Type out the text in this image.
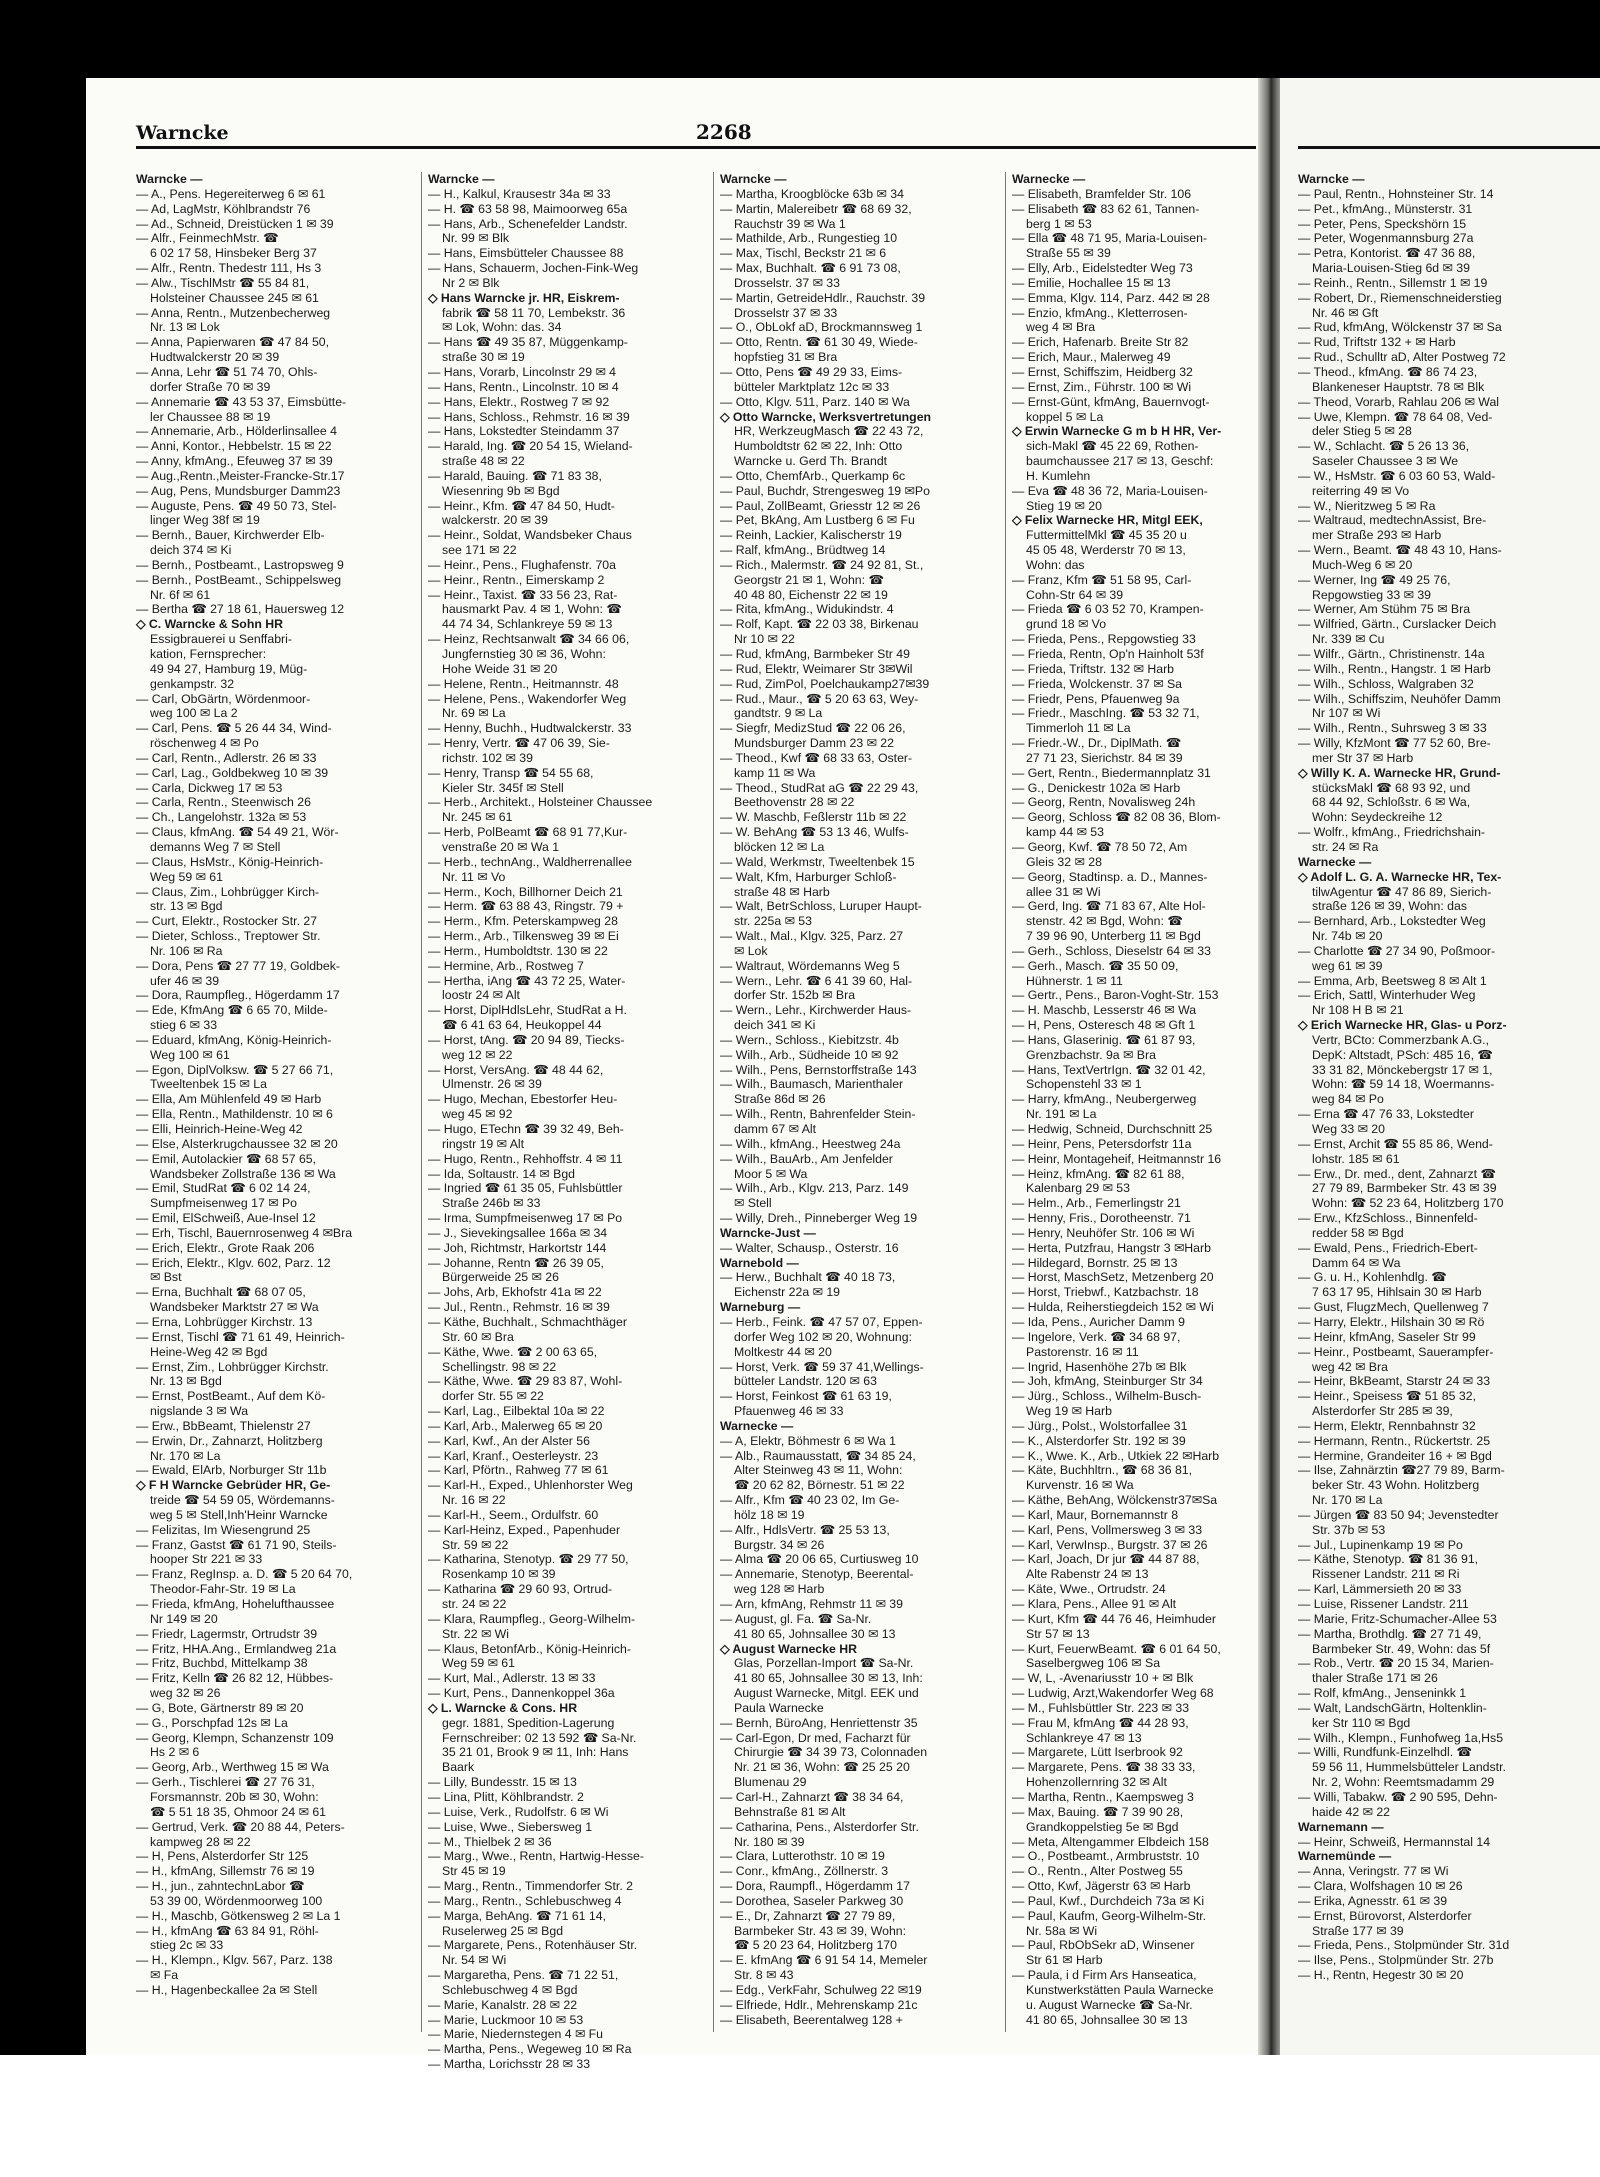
Warncke	2268
Warncke —
— A., Pens. Hegereiterweg 6 ✉ 61
— Ad, LagMstr, Köhlbrandstr 76
— Ad., Schneid, Dreistücken 1 ✉ 39
— Alfr., FeinmechMstr. ☎
6 02 17 58, Hinsbeker Berg 37
— Alfr., Rentn. Thedestr 111, Hs 3
— Alw., TischlMstr ☎ 55 84 81,
Holsteiner Chaussee 245 ✉ 61
— Anna, Rentn., Mutzenbecherweg
Nr. 13 ✉ Lok
— Anna, Papierwaren ☎ 47 84 50,
Hudtwalckerstr 20 ✉ 39
— Anna, Lehr ☎ 51 74 70, Ohls-
dorfer Straße 70 ✉ 39
— Annemarie ☎ 43 53 37, Eimsbütte-
ler Chaussee 88 ✉ 19
— Annemarie, Arb., Hölderlinsallee 4
— Anni, Kontor., Hebbelstr. 15 ✉ 22
— Anny, kfmAng., Efeuweg 37 ✉ 39
— Aug.,Rentn.,Meister-Francke-Str.17
— Aug, Pens, Mundsburger Damm23
— Auguste, Pens. ☎ 49 50 73, Stel-
linger Weg 38f ✉ 19
— Bernh., Bauer, Kirchwerder Elb-
deich 374 ✉ Ki
— Bernh., Postbeamt., Lastropsweg 9
— Bernh., PostBeamt., Schippelsweg
Nr. 6f ✉ 61
— Bertha ☎ 27 18 61, Hauersweg 12
◇ C. Warncke & Sohn HR
Essigbrauerei u Senffabri-
kation, Fernsprecher:
49 94 27, Hamburg 19, Müg-
genkampstr. 32
— Carl, ObGärtn, Wördenmoor-
weg 100 ✉ La 2
— Carl, Pens. ☎ 5 26 44 34, Wind-
röschenweg 4 ✉ Po
— Carl, Rentn., Adlerstr. 26 ✉ 33
— Carl, Lag., Goldbekweg 10 ✉ 39
— Carla, Dickweg 17 ✉ 53
— Carla, Rentn., Steenwisch 26
— Ch., Langelohstr. 132a ✉ 53
— Claus, kfmAng. ☎ 54 49 21, Wör-
demanns Weg 7 ✉ Stell
— Claus, HsMstr., König-Heinrich-
Weg 59 ✉ 61
— Claus, Zim., Lohbrügger Kirch-
str. 13 ✉ Bgd
— Curt, Elektr., Rostocker Str. 27
— Dieter, Schloss., Treptower Str.
Nr. 106 ✉ Ra
— Dora, Pens ☎ 27 77 19, Goldbek-
ufer 46 ✉ 39
— Dora, Raumpfleg., Högerdamm 17
— Ede, KfmAng ☎ 6 65 70, Milde-
stieg 6 ✉ 33
— Eduard, kfmAng, König-Heinrich-
Weg 100 ✉ 61
— Egon, DiplVolksw. ☎ 5 27 66 71,
Tweeltenbek 15 ✉ La
— Ella, Am Mühlenfeld 49 ✉ Harb
— Ella, Rentn., Mathildenstr. 10 ✉ 6
— Elli, Heinrich-Heine-Weg 42
— Else, Alsterkrugchaussee 32 ✉ 20
— Emil, Autolackier ☎ 68 57 65,
Wandsbeker Zollstraße 136 ✉ Wa
— Emil, StudRat ☎ 6 02 14 24,
Sumpfmeisenweg 17 ✉ Po
— Emil, ElSchweiß, Aue-Insel 12
— Erh, Tischl, Bauernrosenweg 4 ✉Bra
— Erich, Elektr., Grote Raak 206
— Erich, Elektr., Klgv. 602, Parz. 12
✉ Bst
— Erna, Buchhalt ☎ 68 07 05,
Wandsbeker Marktstr 27 ✉ Wa
— Erna, Lohbrügger Kirchstr. 13
— Ernst, Tischl ☎ 71 61 49, Heinrich-
Heine-Weg 42 ✉ Bgd
— Ernst, Zim., Lohbrügger Kirchstr.
Nr. 13 ✉ Bgd
— Ernst, PostBeamt., Auf dem Kö-
nigslande 3 ✉ Wa
— Erw., BbBeamt, Thielenstr 27
— Erwin, Dr., Zahnarzt, Holitzberg
Nr. 170 ✉ La
— Ewald, ElArb, Norburger Str 11b
◇ F H Warncke Gebrüder HR, Ge-
treide ☎ 54 59 05, Wördemanns-
weg 5 ✉ Stell,Inh'Heinr Warncke
— Felizitas, Im Wiesengrund 25
— Franz, Gastst ☎ 61 71 90, Steils-
hooper Str 221 ✉ 33
— Franz, RegInsp. a. D. ☎ 5 20 64 70,
Theodor-Fahr-Str. 19 ✉ La
— Frieda, kfmAng, Hohelufthaussee
Nr 149 ✉ 20
— Friedr, Lagermstr, Ortrudstr 39
— Fritz, HHA.Ang., Ermlandweg 21a
— Fritz, Buchbd, Mittelkamp 38
— Fritz, Kelln ☎ 26 82 12, Hübbes-
weg 32 ✉ 26
— G, Bote, Gärtnerstr 89 ✉ 20
— G., Porschpfad 12s ✉ La
— Georg, Klempn, Schanzenstr 109
Hs 2 ✉ 6
— Georg, Arb., Werthweg 15 ✉ Wa
— Gerh., Tischlerei ☎ 27 76 31,
Forsmannstr. 20b ✉ 30, Wohn:
☎ 5 51 18 35, Ohmoor 24 ✉ 61
— Gertrud, Verk. ☎ 20 88 44, Peters-
kampweg 28 ✉ 22
— H, Pens, Alsterdorfer Str 125
— H., kfmAng, Sillemstr 76 ✉ 19
— H., jun., zahntechnLabor ☎
53 39 00, Wördenmoorweg 100
— H., Maschb, Götkensweg 2 ✉ La 1
— H., kfmAng ☎ 63 84 91, Röhl-
stieg 2c ✉ 33
— H., Klempn., Klgv. 567, Parz. 138
✉ Fa
— H., Hagenbeckallee 2a ✉ Stell
Warncke —
— H., Kalkul, Krausestr 34a ✉ 33
— H. ☎ 63 58 98, Maimoorweg 65a
— Hans, Arb., Schenefelder Landstr.
Nr. 99 ✉ Blk
— Hans, Eimsbütteler Chaussee 88
— Hans, Schauerm, Jochen-Fink-Weg
Nr 2 ✉ Blk
◇ Hans Warncke jr. HR, Eiskrem-
fabrik ☎ 58 11 70, Lembekstr. 36
✉ Lok, Wohn: das. 34
— Hans ☎ 49 35 87, Müggenkamp-
straße 30 ✉ 19
— Hans, Vorarb, Lincolnstr 29 ✉ 4
— Hans, Rentn., Lincolnstr. 10 ✉ 4
— Hans, Elektr., Rostweg 7 ✉ 92
— Hans, Schloss., Rehmstr. 16 ✉ 39
— Hans, Lokstedter Steindamm 37
— Harald, Ing. ☎ 20 54 15, Wieland-
straße 48 ✉ 22
— Harald, Bauing. ☎ 71 83 38,
Wiesenring 9b ✉ Bgd
— Heinr., Kfm. ☎ 47 84 50, Hudt-
walckerstr. 20 ✉ 39
— Heinr., Soldat, Wandsbeker Chaus
see 171 ✉ 22
— Heinr., Pens., Flughafenstr. 70a
— Heinr., Rentn., Eimerskamp 2
— Heinr., Taxist. ☎ 33 56 23, Rat-
hausmarkt Pav. 4 ✉ 1, Wohn: ☎
44 74 34, Schlankreye 59 ✉ 13
— Heinz, Rechtsanwalt ☎ 34 66 06,
Jungfernstieg 30 ✉ 36, Wohn:
Hohe Weide 31 ✉ 20
— Helene, Rentn., Heitmannstr. 48
— Helene, Pens., Wakendorfer Weg
Nr. 69 ✉ La
— Henny, Buchh., Hudtwalckerstr. 33
— Henry, Vertr. ☎ 47 06 39, Sie-
richstr. 102 ✉ 39
— Henry, Transp ☎ 54 55 68,
Kieler Str. 345f ✉ Stell
— Herb., Architekt., Holsteiner Chaussee
Nr. 245 ✉ 61
— Herb, PolBeamt ☎ 68 91 77,Kur-
venstraße 20 ✉ Wa 1
— Herb., technAng., Waldherrenallee
Nr. 11 ✉ Vo
— Herm., Koch, Billhorner Deich 21
— Herm. ☎ 63 88 43, Ringstr. 79 +
— Herm., Kfm. Peterskampweg 28
— Herm., Arb., Tilkensweg 39 ✉ Ei
— Herm., Humboldtstr. 130 ✉ 22
— Hermine, Arb., Rostweg 7
— Hertha, iAng ☎ 43 72 25, Water-
loostr 24 ✉ Alt
— Horst, DiplHdlsLehr, StudRat a H.
☎ 6 41 63 64, Heukoppel 44
— Horst, tAng. ☎ 20 94 89, Tiecks-
weg 12 ✉ 22
— Horst, VersAng. ☎ 48 44 62,
Ulmenstr. 26 ✉ 39
— Hugo, Mechan, Ebestorfer Heu-
weg 45 ✉ 92
— Hugo, ETechn ☎ 39 32 49, Beh-
ringstr 19 ✉ Alt
— Hugo, Rentn., Rehhoffstr. 4 ✉ 11
— Ida, Soltaustr. 14 ✉ Bgd
— Ingried ☎ 61 35 05, Fuhlsbüttler
Straße 246b ✉ 33
— Irma, Sumpfmeisenweg 17 ✉ Po
— J., Sievekingsallee 166a ✉ 34
— Joh, Richtmstr, Harkortstr 144
— Johanne, Rentn ☎ 26 39 05,
Bürgerweide 25 ✉ 26
— Johs, Arb, Ekhofstr 41a ✉ 22
— Jul., Rentn., Rehmstr. 16 ✉ 39
— Käthe, Buchhalt., Schmachthäger
Str. 60 ✉ Bra
— Käthe, Wwe. ☎ 2 00 63 65,
Schellingstr. 98 ✉ 22
— Käthe, Wwe. ☎ 29 83 87, Wohl-
dorfer Str. 55 ✉ 22
— Karl, Lag., Eilbektal 10a ✉ 22
— Karl, Arb., Malerweg 65 ✉ 20
— Karl, Kwf., An der Alster 56
— Karl, Kranf., Oesterleystr. 23
— Karl, Pförtn., Rahweg 77 ✉ 61
— Karl-H., Exped., Uhlenhorster Weg
Nr. 16 ✉ 22
— Karl-H., Seem., Ordulfstr. 60
— Karl-Heinz, Exped., Papenhuder
Str. 59 ✉ 22
— Katharina, Stenotyp. ☎ 29 77 50,
Rosenkamp 10 ✉ 39
— Katharina ☎ 29 60 93, Ortrud-
str. 24 ✉ 22
— Klara, Raumpfleg., Georg-Wilhelm-
Str. 22 ✉ Wi
— Klaus, BetonfArb., König-Heinrich-
Weg 59 ✉ 61
— Kurt, Mal., Adlerstr. 13 ✉ 33
— Kurt, Pens., Dannenkoppel 36a
◇ L. Warncke & Cons. HR
gegr. 1881, Spedition-Lagerung
Fernschreiber: 02 13 592 ☎ Sa-Nr.
35 21 01, Brook 9 ✉ 11, Inh: Hans
Baark
— Lilly, Bundesstr. 15 ✉ 13
— Lina, Plitt, Köhlbrandstr. 2
— Luise, Verk., Rudolfstr. 6 ✉ Wi
— Luise, Wwe., Siebersweg 1
— M., Thielbek 2 ✉ 36
— Marg., Wwe., Rentn, Hartwig-Hesse-
Str 45 ✉ 19
— Marg., Rentn., Timmendorfer Str. 2
— Marg., Rentn., Schlebuschweg 4
— Marga, BehAng. ☎ 71 61 14,
Ruselerweg 25 ✉ Bgd
— Margarete, Pens., Rotenhäuser Str.
Nr. 54 ✉ Wi
— Margaretha, Pens. ☎ 71 22 51,
Schlebuschweg 4 ✉ Bgd
— Marie, Kanalstr. 28 ✉ 22
— Marie, Luckmoor 10 ✉ 53
— Marie, Niedernstegen 4 ✉ Fu
— Martha, Pens., Wegeweg 10 ✉ Ra
— Martha, Lorichsstr 28 ✉ 33
Warncke —
— Martha, Kroogblöcke 63b ✉ 34
— Martin, Malereibetr ☎ 68 69 32,
Rauchstr 39 ✉ Wa 1
— Mathilde, Arb., Rungestieg 10
— Max, Tischl, Beckstr 21 ✉ 6
— Max, Buchhalt. ☎ 6 91 73 08,
Drosselstr. 37 ✉ 33
— Martin, GetreideHdlr., Rauchstr. 39
Drosselstr 37 ✉ 33
— O., ObLokf aD, Brockmannsweg 1
— Otto, Rentn. ☎ 61 30 49, Wiede-
hopfstieg 31 ✉ Bra
— Otto, Pens ☎ 49 29 33, Eims-
bütteler Marktplatz 12c ✉ 33
— Otto, Klgv. 511, Parz. 140 ✉ Wa
◇ Otto Warncke, Werksvertretungen
HR, WerkzeugMasch ☎ 22 43 72,
Humboldtstr 62 ✉ 22, Inh: Otto
Warncke u. Gerd Th. Brandt
— Otto, ChemfArb., Querkamp 6c
— Paul, Buchdr, Strengesweg 19 ✉Po
— Paul, ZollBeamt, Griesstr 12 ✉ 26
— Pet, BkAng, Am Lustberg 6 ✉ Fu
— Reinh, Lackier, Kalischerstr 19
— Ralf, kfmAng., Brüdtweg 14
— Rich., Malermstr. ☎ 24 92 81, St.,
Georgstr 21 ✉ 1, Wohn: ☎
40 48 80, Eichenstr 22 ✉ 19
— Rita, kfmAng., Widukindstr. 4
— Rolf, Kapt. ☎ 22 03 38, Birkenau
Nr 10 ✉ 22
— Rud, kfmAng, Barmbeker Str 49
— Rud, Elektr, Weimarer Str 3✉Wil
— Rud, ZimPol, Poelchaukamp27✉39
— Rud., Maur., ☎ 5 20 63 63, Wey-
gandtstr. 9 ✉ La
— Siegfr, MedizStud ☎ 22 06 26,
Mundsburger Damm 23 ✉ 22
— Theod., Kwf ☎ 68 33 63, Oster-
kamp 11 ✉ Wa
— Theod., StudRat aG ☎ 22 29 43,
Beethovenstr 28 ✉ 22
— W. Maschb, Feßlerstr 11b ✉ 22
— W. BehAng ☎ 53 13 46, Wulfs-
blöcken 12 ✉ La
— Wald, Werkmstr, Tweeltenbek 15
— Walt, Kfm, Harburger Schloß-
straße 48 ✉ Harb
— Walt, BetrSchloss, Luruper Haupt-
str. 225a ✉ 53
— Walt., Mal., Klgv. 325, Parz. 27
✉ Lok
— Waltraut, Wördemanns Weg 5
— Wern., Lehr. ☎ 6 41 39 60, Hal-
dorfer Str. 152b ✉ Bra
— Wern., Lehr., Kirchwerder Haus-
deich 341 ✉ Ki
— Wern., Schloss., Kiebitzstr. 4b
— Wilh., Arb., Südheide 10 ✉ 92
— Wilh., Pens, Bernstorffstraße 143
— Wilh., Baumasch, Marienthaler
Straße 86d ✉ 26
— Wilh., Rentn, Bahrenfelder Stein-
damm 67 ✉ Alt
— Wilh., kfmAng., Heestweg 24a
— Wilh., BauArb., Am Jenfelder
Moor 5 ✉ Wa
— Wilh., Arb., Klgv. 213, Parz. 149
✉ Stell
— Willy, Dreh., Pinneberger Weg 19
Warncke-Just —
— Walter, Schausp., Osterstr. 16
Warnebold —
— Herw., Buchhalt ☎ 40 18 73,
Eichenstr 22a ✉ 19
Warneburg —
— Herb., Feink. ☎ 47 57 07, Eppen-
dorfer Weg 102 ✉ 20, Wohnung:
Moltkestr 44 ✉ 20
— Horst, Verk. ☎ 59 37 41,Wellings-
bütteler Landstr. 120 ✉ 63
— Horst, Feinkost ☎ 61 63 19,
Pfauenweg 46 ✉ 33
Warnecke —
— A, Elektr, Böhmestr 6 ✉ Wa 1
— Alb., Raumausstatt, ☎ 34 85 24,
Alter Steinweg 43 ✉ 11, Wohn:
☎ 20 62 82, Börnestr. 51 ✉ 22
— Alfr., Kfm ☎ 40 23 02, Im Ge-
hölz 18 ✉ 19
— Alfr., HdlsVertr. ☎ 25 53 13,
Burgstr. 34 ✉ 26
— Alma ☎ 20 06 65, Curtiusweg 10
— Annemarie, Stenotyp, Beerental-
weg 128 ✉ Harb
— Arn, kfmAng, Rehmstr 11 ✉ 39
— August, gl. Fa. ☎ Sa-Nr.
41 80 65, Johnsallee 30 ✉ 13
◇ August Warnecke HR
Glas, Porzellan-Import ☎ Sa-Nr.
41 80 65, Johnsallee 30 ✉ 13, Inh:
August Warnecke, Mitgl. EEK und
Paula Warnecke
— Bernh, BüroAng, Henriettenstr 35
— Carl-Egon, Dr med, Facharzt für
Chirurgie ☎ 34 39 73, Colonnaden
Nr. 21 ✉ 36, Wohn: ☎ 25 25 20
Blumenau 29
— Carl-H., Zahnarzt ☎ 38 34 64,
Behnstraße 81 ✉ Alt
— Catharina, Pens., Alsterdorfer Str.
Nr. 180 ✉ 39
— Clara, Lutterothstr. 10 ✉ 19
— Conr., kfmAng., Zöllnerstr. 3
— Dora, Raumpfl., Högerdamm 17
— Dorothea, Saseler Parkweg 30
— E., Dr, Zahnarzt ☎ 27 79 89,
Barmbeker Str. 43 ✉ 39, Wohn:
☎ 5 20 23 64, Holitzberg 170
— E. kfmAng ☎ 6 91 54 14, Memeler
Str. 8 ✉ 43
— Edg., VerkFahr, Schulweg 22 ✉19
— Elfriede, Hdlr., Mehrenskamp 21c
— Elisabeth, Beerentalweg 128 +
Warnecke —
— Elisabeth, Bramfelder Str. 106
— Elisabeth ☎ 83 62 61, Tannen-
berg 1 ✉ 53
— Ella ☎ 48 71 95, Maria-Louisen-
Straße 55 ✉ 39
— Elly, Arb., Eidelstedter Weg 73
— Emilie, Hochallee 15 ✉ 13
— Emma, Klgv. 114, Parz. 442 ✉ 28
— Enzio, kfmAng., Kletterrosen-
weg 4 ✉ Bra
— Erich, Hafenarb. Breite Str 82
— Erich, Maur., Malerweg 49
— Ernst, Schiffszim, Heidberg 32
— Ernst, Zim., Führstr. 100 ✉ Wi
— Ernst-Günt, kfmAng, Bauernvogt-
koppel 5 ✉ La
◇ Erwin Warnecke G m b H HR, Ver-
sich-Makl ☎ 45 22 69, Rothen-
baumchaussee 217 ✉ 13, Geschf:
H. Kumlehn
— Eva ☎ 48 36 72, Maria-Louisen-
Stieg 19 ✉ 20
◇ Felix Warnecke HR, Mitgl EEK,
FuttermittelMkl ☎ 45 35 20 u
45 05 48, Werderstr 70 ✉ 13,
Wohn: das
— Franz, Kfm ☎ 51 58 95, Carl-
Cohn-Str 64 ✉ 39
— Frieda ☎ 6 03 52 70, Krampen-
grund 18 ✉ Vo
— Frieda, Pens., Repgowstieg 33
— Frieda, Rentn, Op'n Hainholt 53f
— Frieda, Triftstr. 132 ✉ Harb
— Frieda, Wolckenstr. 37 ✉ Sa
— Friedr, Pens, Pfauenweg 9a
— Friedr., MaschIng. ☎ 53 32 71,
Timmerloh 11 ✉ La
— Friedr.-W., Dr., DiplMath. ☎
27 71 23, Sierichstr. 84 ✉ 39
— Gert, Rentn., Biedermannplatz 31
— G., Denickestr 102a ✉ Harb
— Georg, Rentn, Novalisweg 24h
— Georg, Schloss ☎ 82 08 36, Blom-
kamp 44 ✉ 53
— Georg, Kwf. ☎ 78 50 72, Am
Gleis 32 ✉ 28
— Georg, Stadtinsp. a. D., Mannes-
allee 31 ✉ Wi
— Gerd, Ing. ☎ 71 83 67, Alte Hol-
stenstr. 42 ✉ Bgd, Wohn: ☎
7 39 96 90, Unterberg 11 ✉ Bgd
— Gerh., Schloss, Dieselstr 64 ✉ 33
— Gerh., Masch. ☎ 35 50 09,
Hühnerstr. 1 ✉ 11
— Gertr., Pens., Baron-Voght-Str. 153
— H. Maschb, Lesserstr 46 ✉ Wa
— H, Pens, Osteresch 48 ✉ Gft 1
— Hans, Glaserinig. ☎ 61 87 93,
Grenzbachstr. 9a ✉ Bra
— Hans, TextVertrIgn. ☎ 32 01 42,
Schopenstehl 33 ✉ 1
— Harry, kfmAng., Neubergerweg
Nr. 191 ✉ La
— Hedwig, Schneid, Durchschnitt 25
— Heinr, Pens, Petersdorfstr 11a
— Heinr, Montageheif, Heitmannstr 16
— Heinz, kfmAng. ☎ 82 61 88,
Kalenbarg 29 ✉ 53
— Helm., Arb., Femerlingstr 21
— Henny, Fris., Dorotheenstr. 71
— Henry, Neuhöfer Str. 106 ✉ Wi
— Herta, Putzfrau, Hangstr 3 ✉Harb
— Hildegard, Bornstr. 25 ✉ 13
— Horst, MaschSetz, Metzenberg 20
— Horst, Triebwf., Katzbachstr. 18
— Hulda, Reiherstiegdeich 152 ✉ Wi
— Ida, Pens., Auricher Damm 9
— Ingelore, Verk. ☎ 34 68 97,
Pastorenstr. 16 ✉ 11
— Ingrid, Hasenhöhe 27b ✉ Blk
— Joh, kfmAng, Steinburger Str 34
— Jürg., Schloss., Wilhelm-Busch-
Weg 19 ✉ Harb
— Jürg., Polst., Wolstorfallee 31
— K., Alsterdorfer Str. 192 ✉ 39
— K., Wwe. K., Arb., Utkiek 22 ✉Harb
— Käte, Buchhltrn., ☎ 68 36 81,
Kurvenstr. 16 ✉ Wa
— Käthe, BehAng, Wölckenstr37✉Sa
— Karl, Maur, Bornemannstr 8
— Karl, Pens, Vollmersweg 3 ✉ 33
— Karl, VerwInsp., Burgstr. 37 ✉ 26
— Karl, Joach, Dr jur ☎ 44 87 88,
Alte Rabenstr 24 ✉ 13
— Käte, Wwe., Ortrudstr. 24
— Klara, Pens., Allee 91 ✉ Alt
— Kurt, Kfm ☎ 44 76 46, Heimhuder
Str 57 ✉ 13
— Kurt, FeuerwBeamt. ☎ 6 01 64 50,
Saselbergweg 106 ✉ Sa
— W, L, -Avenariusstr 10 + ✉ Blk
— Ludwig, Arzt,Wakendorfer Weg 68
— M., Fuhlsbüttler Str. 223 ✉ 33
— Frau M, kfmAng ☎ 44 28 93,
Schlankreye 47 ✉ 13
— Margarete, Lütt Iserbrook 92
— Margarete, Pens. ☎ 38 33 33,
Hohenzollernring 32 ✉ Alt
— Martha, Rentn., Kaempsweg 3
— Max, Bauing. ☎ 7 39 90 28,
Grandkoppelstieg 5e ✉ Bgd
— Meta, Altengammer Elbdeich 158
— O., Postbeamt., Armbruststr. 10
— O., Rentn., Alter Postweg 55
— Otto, Kwf, Jägerstr 63 ✉ Harb
— Paul, Kwf., Durchdeich 73a ✉ Ki
— Paul, Kaufm, Georg-Wilhelm-Str.
Nr. 58a ✉ Wi
— Paul, RbObSekr aD, Winsener
Str 61 ✉ Harb
— Paula, i d Firm Ars Hanseatica,
Kunstwerkstätten Paula Warnecke
u. August Warnecke ☎ Sa-Nr.
41 80 65, Johnsallee 30 ✉ 13
Warncke —
— Paul, Rentn., Hohnsteiner Str. 14
— Pet., kfmAng., Münsterstr. 31
— Peter, Pens, Speckshörn 15
— Peter, Wogenmannsburg 27a
— Petra, Kontorist. ☎ 47 36 88,
Maria-Louisen-Stieg 6d ✉ 39
— Reinh., Rentn., Sillemstr 1 ✉ 19
— Robert, Dr., Riemenschneiderstieg
Nr. 46 ✉ Gft
— Rud, kfmAng, Wölckenstr 37 ✉ Sa
— Rud, Triftstr 132 + ✉ Harb
— Rud., Schulltr aD, Alter Postweg 72
— Theod., kfmAng. ☎ 86 74 23,
Blankeneser Hauptstr. 78 ✉ Blk
— Theod, Vorarb, Rahlau 206 ✉ Wal
— Uwe, Klempn. ☎ 78 64 08, Ved-
deler Stieg 5 ✉ 28
— W., Schlacht. ☎ 5 26 13 36,
Saseler Chaussee 3 ✉ We
— W., HsMstr. ☎ 6 03 60 53, Wald-
reiterring 49 ✉ Vo
— W., Nieritzweg 5 ✉ Ra
— Waltraud, medtechnAssist, Bre-
mer Straße 293 ✉ Harb
— Wern., Beamt. ☎ 48 43 10, Hans-
Much-Weg 6 ✉ 20
— Werner, Ing ☎ 49 25 76,
Repgowstieg 33 ✉ 39
— Werner, Am Stühm 75 ✉ Bra
— Wilfried, Gärtn., Curslacker Deich
Nr. 339 ✉ Cu
— Wilfr., Gärtn., Christinenstr. 14a
— Wilh., Rentn., Hangstr. 1 ✉ Harb
— Wilh., Schloss, Walgraben 32
— Wilh., Schiffszim, Neuhöfer Damm
Nr 107 ✉ Wi
— Wilh., Rentn., Suhrsweg 3 ✉ 33
— Willy, KfzMont ☎ 77 52 60, Bre-
mer Str 37 ✉ Harb
◇ Willy K. A. Warnecke HR, Grund-
stücksMakl ☎ 68 93 92, und
68 44 92, Schloßstr. 6 ✉ Wa,
Wohn: Seydeckreihe 12
— Wolfr., kfmAng., Friedrichshain-
str. 24 ✉ Ra
Warnecke —
◇ Adolf L. G. A. Warnecke HR, Tex-
tilwAgentur ☎ 47 86 89, Sierich-
straße 126 ✉ 39, Wohn: das
— Bernhard, Arb., Lokstedter Weg
Nr. 74b ✉ 20
— Charlotte ☎ 27 34 90, Poßmoor-
weg 61 ✉ 39
— Emma, Arb, Beetsweg 8 ✉ Alt 1
— Erich, Sattl, Winterhuder Weg
Nr 108 H B ✉ 21
◇ Erich Warnecke HR, Glas- u Porz-
Vertr, BCto: Commerzbank A.G.,
DepK: Altstadt, PSch: 485 16, ☎
33 31 82, Mönckebergstr 17 ✉ 1,
Wohn: ☎ 59 14 18, Woermanns-
weg 84 ✉ Po
— Erna ☎ 47 76 33, Lokstedter
Weg 33 ✉ 20
— Ernst, Archit ☎ 55 85 86, Wend-
lohstr. 185 ✉ 61
— Erw., Dr. med., dent, Zahnarzt ☎
27 79 89, Barmbeker Str. 43 ✉ 39
Wohn: ☎ 52 23 64, Holitzberg 170
— Erw., KfzSchloss., Binnenfeld-
redder 58 ✉ Bgd
— Ewald, Pens., Friedrich-Ebert-
Damm 64 ✉ Wa
— G. u. H., Kohlenhdlg. ☎
7 63 17 95, Hihlsain 30 ✉ Harb
— Gust, FlugzMech, Quellenweg 7
— Harry, Elektr., Hilshain 30 ✉ Rö
— Heinr, kfmAng, Saseler Str 99
— Heinr., Postbeamt, Sauerampfer-
weg 42 ✉ Bra
— Heinr, BkBeamt, Starstr 24 ✉ 33
— Heinr., Speisess ☎ 51 85 32,
Alsterdorfer Str 285 ✉ 39,
— Herm, Elektr, Rennbahnstr 32
— Hermann, Rentn., Rückertstr. 25
— Hermine, Grandeiter 16 + ✉ Bgd
— Ilse, Zahnärztin ☎27 79 89, Barm-
beker Str. 43 Wohn. Holitzberg
Nr. 170 ✉ La
— Jürgen ☎ 83 50 94; Jevenstedter
Str. 37b ✉ 53
— Jul., Lupinenkamp 19 ✉ Po
— Käthe, Stenotyp. ☎ 81 36 91,
Rissener Landstr. 211 ✉ Ri
— Karl, Lämmersieth 20 ✉ 33
— Luise, Rissener Landstr. 211
— Marie, Fritz-Schumacher-Allee 53
— Martha, Brothdlg. ☎ 27 71 49,
Barmbeker Str. 49, Wohn: das 5f
— Rob., Vertr. ☎ 20 15 34, Marien-
thaler Straße 171 ✉ 26
— Rolf, kfmAng., Jenseninkk 1
— Walt, LandschGärtn, Holtenklin-
ker Str 110 ✉ Bgd
— Wilh., Klempn., Funhofweg 1a,Hs5
— Willi, Rundfunk-Einzelhdl. ☎
59 56 11, Hummelsbütteler Landstr.
Nr. 2, Wohn: Reemtsmadamm 29
— Willi, Tabakw. ☎ 2 90 595, Dehn-
haide 42 ✉ 22
Warnemann —
— Heinr, Schweiß, Hermannstal 14
Warnemünde —
— Anna, Veringstr. 77 ✉ Wi
— Clara, Wolfshagen 10 ✉ 26
— Erika, Agnesstr. 61 ✉ 39
— Ernst, Bürovorst, Alsterdorfer
Straße 177 ✉ 39
— Frieda, Pens., Stolpmünder Str. 31d
— Ilse, Pens., Stolpmünder Str. 27b
— H., Rentn, Hegestr 30 ✉ 20
